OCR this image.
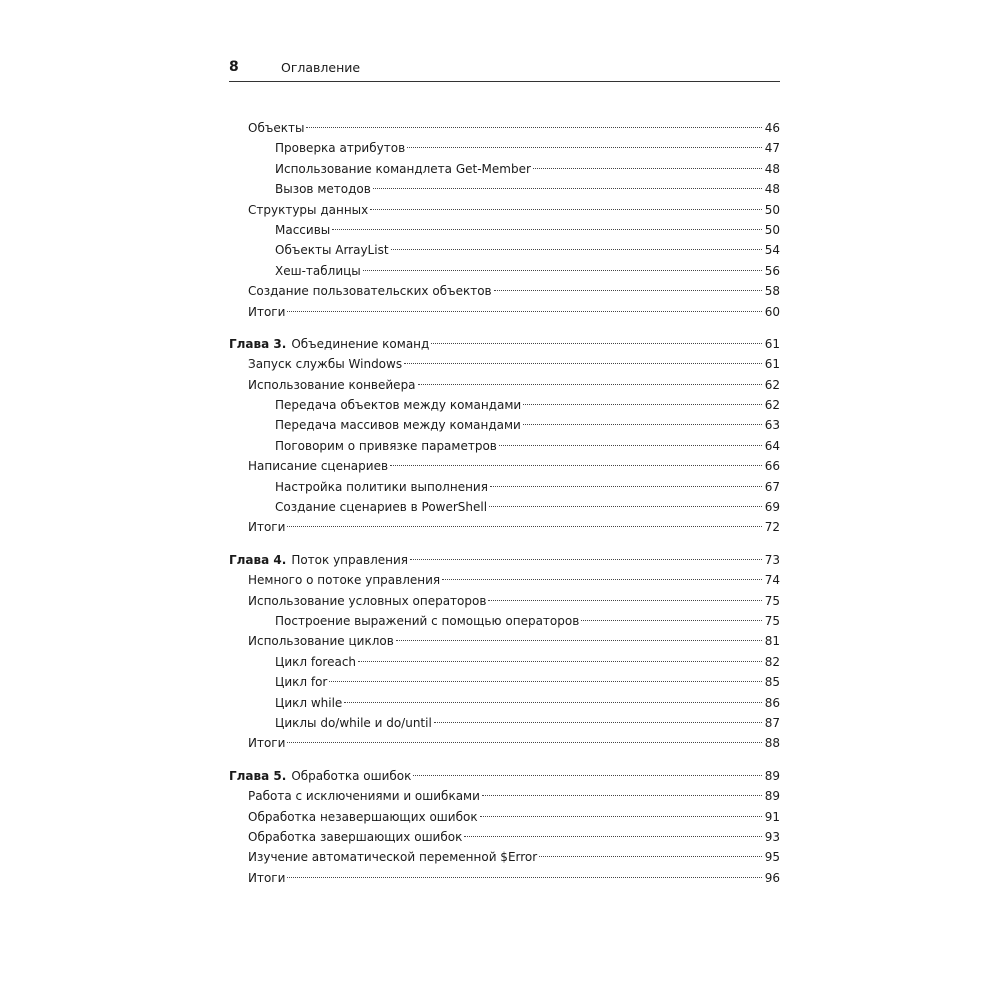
8	Оглавление
Объекты	46
Проверка атрибутов	47
Использование командлета Get-Member	48
Вызов методов	48
Структуры данных	50
Массивы	50
Объекты ArrayList	54
Хеш-таблицы	56
Создание пользовательских объектов	58
Итоги	60
Глава 3. Объединение команд	61
Запуск службы Windows	61
Использование конвейера	62
Передача объектов между командами	62
Передача массивов между командами	63
Поговорим о привязке параметров	64
Написание сценариев	66
Настройка политики выполнения	67
Создание сценариев в PowerShell	69
Итоги	72
Глава 4. Поток управления	73
Немного о потоке управления	74
Использование условных операторов	75
Построение выражений с помощью операторов	75
Использование циклов	81
Цикл foreach	82
Цикл for	85
Цикл while	86
Циклы do/while и do/until	87
Итоги	88
Глава 5. Обработка ошибок	89
Работа с исключениями и ошибками	89
Обработка незавершающих ошибок	91
Обработка завершающих ошибок	93
Изучение автоматической переменной $Error	95
Итоги	96
